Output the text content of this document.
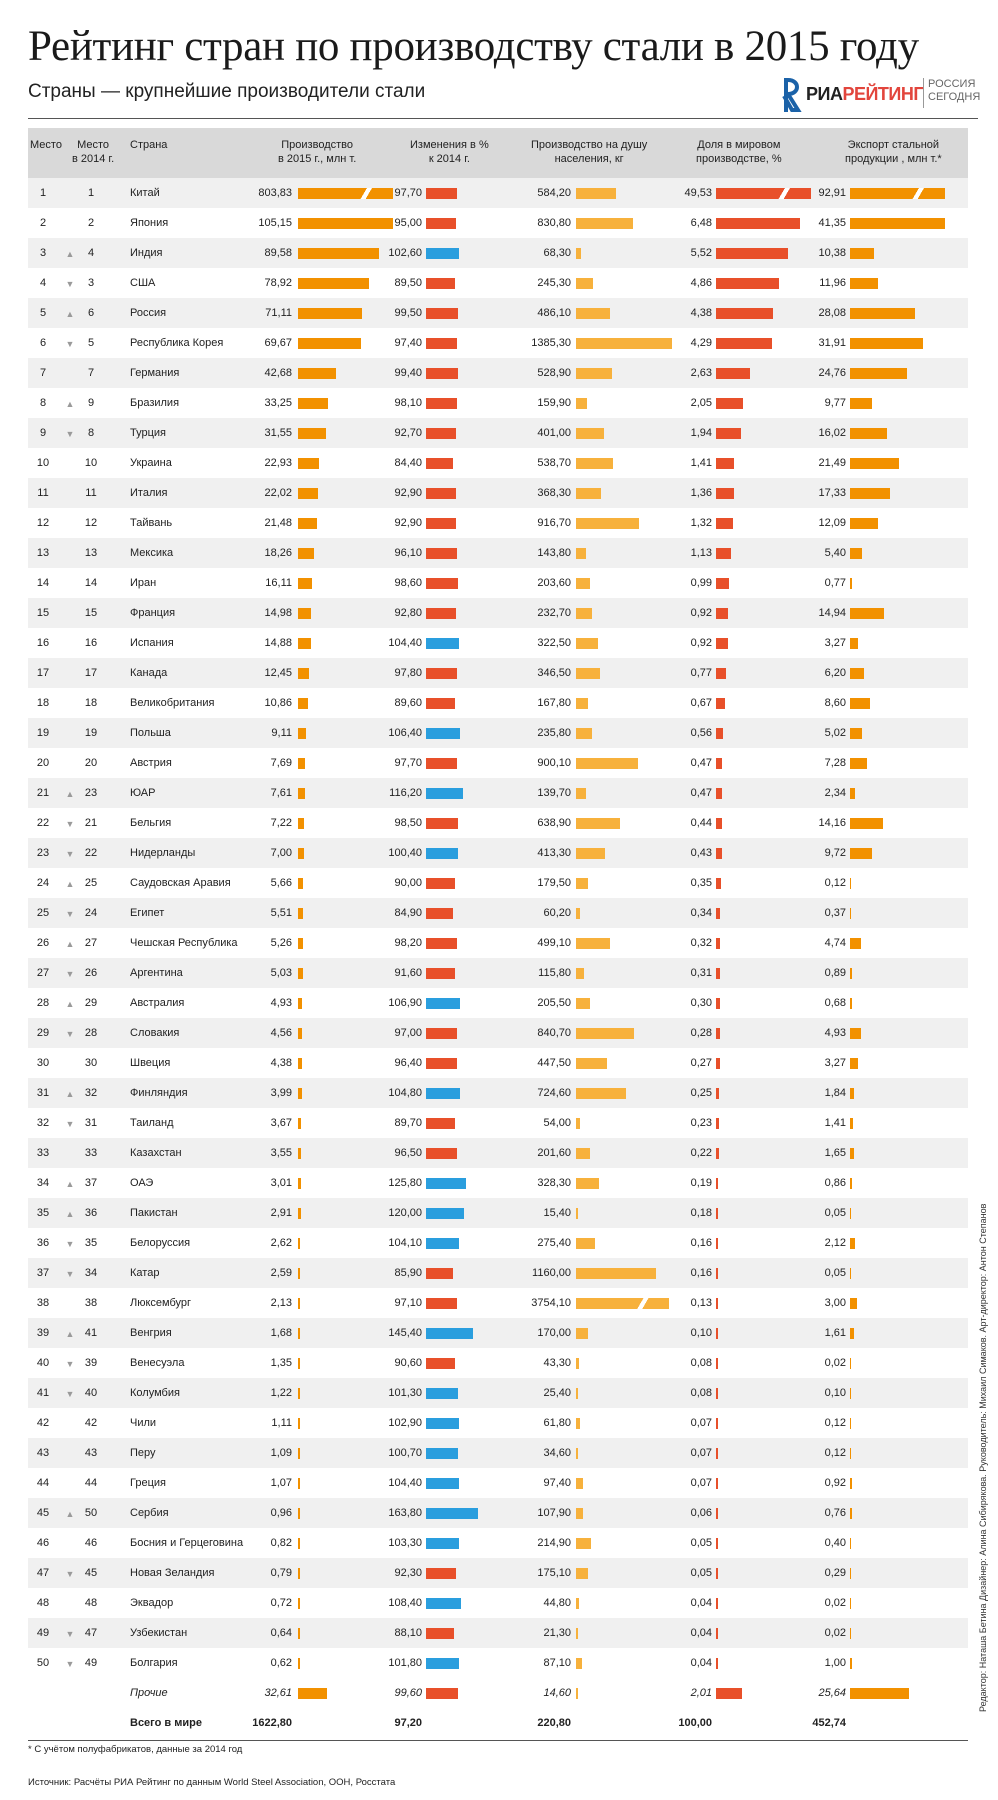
Рейтинг стран по производству стали в 2015 году
Страны — крупнейшие производители стали	РИАРЕЙТИНГ РОССИЯ
СЕГОДНЯ
Место	Место
в 2014 г.
Страна	Производство
в 2015 г., млн т.
Изменения в %
к 2014 г.
Производство на душу
населения, кг
Доля в мировом
производстве, %
Экспорт стальной
продукции , млн т.*
1	1	Китай	803,83	97,70	584,20	49,53	92,91
2	2	Япония	105,15	95,00	830,80	6,48	41,35
3	▲	4	Индия	89,58	102,60	68,30	5,52	10,38
4	▼	3	США	78,92	89,50	245,30	4,86	11,96
5	▲	6	Россия	71,11	99,50	486,10	4,38	28,08
6	▼	5	Республика Корея	69,67	97,40	1385,30	4,29	31,91
7	7	Германия	42,68	99,40	528,90	2,63	24,76
8	▲	9	Бразилия	33,25	98,10	159,90	2,05	9,77
9	▼	8	Турция	31,55	92,70	401,00	1,94	16,02
10	10	Украина	22,93	84,40	538,70	1,41	21,49
11	11	Италия	22,02	92,90	368,30	1,36	17,33
12	12	Тайвань	21,48	92,90	916,70	1,32	12,09
13	13	Мексика	18,26	96,10	143,80	1,13	5,40
14	14	Иран	16,11	98,60	203,60	0,99	0,77
15	15	Франция	14,98	92,80	232,70	0,92	14,94
16	16	Испания	14,88	104,40	322,50	0,92	3,27
17	17	Канада	12,45	97,80	346,50	0,77	6,20
18	18	Великобритания	10,86	89,60	167,80	0,67	8,60
19	19	Польша	9,11	106,40	235,80	0,56	5,02
20	20	Австрия	7,69	97,70	900,10	0,47	7,28
21	▲ 23	ЮАР	7,61	116,20	139,70	0,47	2,34
22	▼ 21	Бельгия	7,22	98,50	638,90	0,44	14,16
23	▼ 22	Нидерланды	7,00	100,40	413,30	0,43	9,72
24	▲ 25	Саудовская Аравия	5,66	90,00	179,50	0,35	0,12
25	▼ 24	Египет	5,51	84,90	60,20	0,34	0,37
26	▲ 27	Чешская Республика	5,26	98,20	499,10	0,32	4,74
27	▼ 26	Аргентина	5,03	91,60	115,80	0,31	0,89
28	▲ 29	Австралия	4,93	106,90	205,50	0,30	0,68
29	▼ 28	Словакия	4,56	97,00	840,70	0,28	4,93
30	30	Швеция	4,38	96,40	447,50	0,27	3,27
31	▲ 32	Финляндия	3,99	104,80	724,60	0,25	1,84
32	▼ 31	Таиланд	3,67	89,70	54,00	0,23	1,41
33	33	Казахстан	3,55	96,50	201,60	0,22	1,65
34	▲ 37	ОАЭ	3,01	125,80	328,30	0,19	0,86
35	▲ 36	Пакистан	2,91	120,00	15,40	0,18	0,05
36	▼ 35	Белоруссия	2,62	104,10	275,40	0,16	2,12
37	▼ 34	Катар	2,59	85,90	1160,00	0,16	0,05
38	38	Люксембург	2,13	97,10	3754,10	0,13	3,00
39	▲ 41	Венгрия	1,68	145,40	170,00	0,10	1,61
40	▼ 39	Венесуэла	1,35	90,60	43,30	0,08	0,02
41	▼ 40	Колумбия	1,22	101,30	25,40	0,08	0,10
42	42	Чили	1,11	102,90	61,80	0,07	0,12
43	43	Перу	1,09	100,70	34,60	0,07	0,12
44	44	Греция	1,07	104,40	97,40	0,07	0,92
45	▲ 50	Сербия	0,96	163,80	107,90	0,06	0,76
46	46	Босния и Герцеговина	0,82	103,30	214,90	0,05	0,40
47	▼ 45	Новая Зеландия	0,79	92,30	175,10	0,05	0,29
48	48	Эквадор	0,72	108,40	44,80	0,04	0,02
49	▼ 47	Узбекистан	0,64	88,10	21,30	0,04	0,02
50	▼ 49	Болгария	0,62	101,80	87,10	0,04	1,00
Прочие	32,61	99,60	14,60	2,01	25,64
Всего в мире	1622,80	97,20	220,80	100,00	452,74
* С учётом полуфабрикатов, данные за 2014 год
Источник: Расчёты РИА Рейтинг по данным World Steel Association, ООН, Росстата
Редактор: Наташа Бетина Дизайнер: Алина Сибирякова. Руководитель: Михаил Симаков. Арт-директор: Антон Степанов
